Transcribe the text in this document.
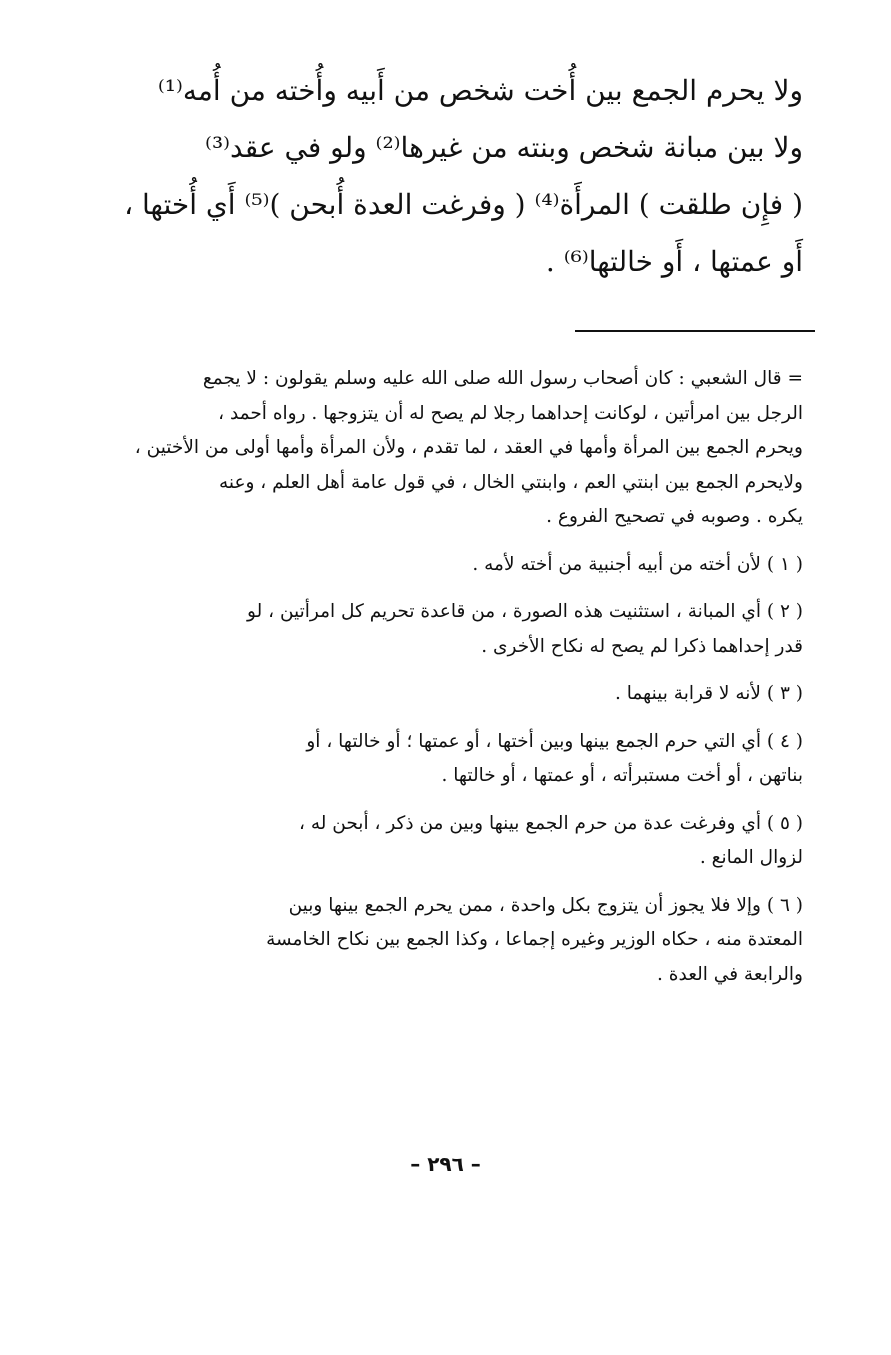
ولا يحرم الجمع بين أُخت شخص من أَبيه وأُخته من أُمه⁽¹⁾
ولا بين مبانة شخص وبنته من غيرها⁽²⁾ ولو في عقد⁽³⁾
( فإِن طلقت ) المرأَة⁽⁴⁾ ( وفرغت العدة أُبحن )⁽⁵⁾ أَي أُختها ،
أَو عمتها ، أَو خالتها⁽⁶⁾ .
= قال الشعبي : كان أصحاب رسول الله صلى الله عليه وسلم يقولون : لا يجمع
الرجل بين امرأتين ، لوكانت إحداهما رجلا لم يصح له أن يتزوجها . رواه أحمد ،
ويحرم الجمع بين المرأة وأمها في العقد ، لما تقدم ، ولأن المرأة وأمها أولى من الأختين ،
ولايحرم الجمع بين ابنتي العم ، وابنتي الخال ، في قول عامة أهل العلم ، وعنه
يكره . وصوبه في تصحيح الفروع .
( ١ ) لأن أخته من أبيه أجنبية من أخته لأمه .
( ٢ ) أي المبانة ، استثنيت هذه الصورة ، من قاعدة تحريم كل امرأتين ، لو
قدر إحداهما ذكرا لم يصح له نكاح الأخرى .
( ٣ ) لأنه لا قرابة بينهما .
( ٤ ) أي التي حرم الجمع بينها وبين أختها ، أو عمتها ؛ أو خالتها ، أو
بناتهن ، أو أخت مستبرأته ، أو عمتها ، أو خالتها .
( ٥ ) أي وفرغت عدة من حرم الجمع بينها وبين من ذكر ، أبحن له ،
لزوال المانع .
( ٦ ) وإلا فلا يجوز أن يتزوج بكل واحدة ، ممن يحرم الجمع بينها وبين
المعتدة منه ، حكاه الوزير وغيره إجماعا ، وكذا الجمع بين نكاح الخامسة
والرابعة في العدة .
– ٢٩٦ –
